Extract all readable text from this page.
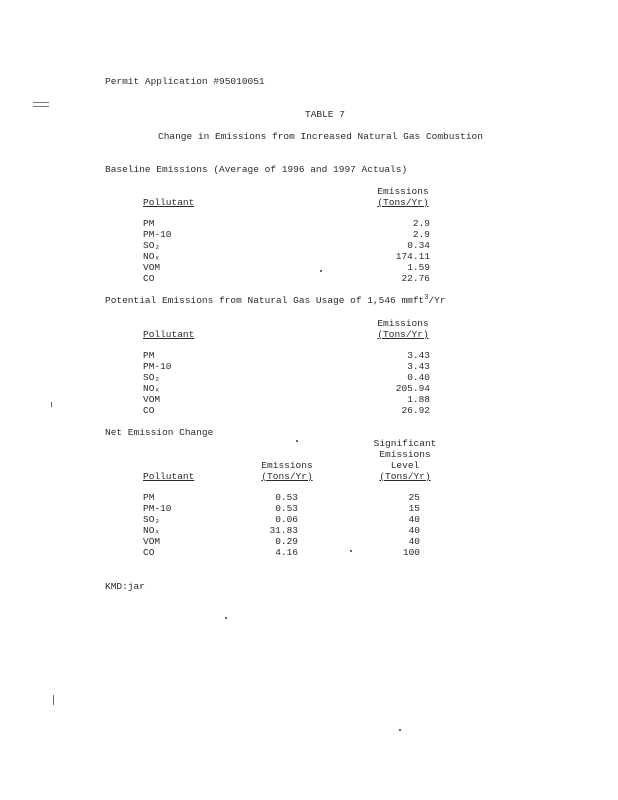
Permit Application #95010051
TABLE 7
Change in Emissions from Increased Natural Gas Combustion
Baseline Emissions (Average of 1996 and 1997 Actuals)
Emissions
Pollutant	(Tons/Yr)
PM	2.9
PM-10	2.9
SO₂	0.34
NOₓ	174.11
VOM	1.59
CO	22.76
Potential Emissions from Natural Gas Usage of 1,546 mmft$^3$/Yr
Emissions
Pollutant	(Tons/Yr)
PM	3.43
PM-10	3.43
SO₂	0.40
NOₓ	205.94
VOM	1.88
CO	26.92
Net Emission Change
Significant
Emissions
Emissions	Level
Pollutant	(Tons/Yr)	(Tons/Yr)
PM	0.53	25
PM-10	0.53	15
SO₂	0.06	40
NOₓ	31.83	40
VOM	0.29	40
CO	4.16	100
KMD:jar
